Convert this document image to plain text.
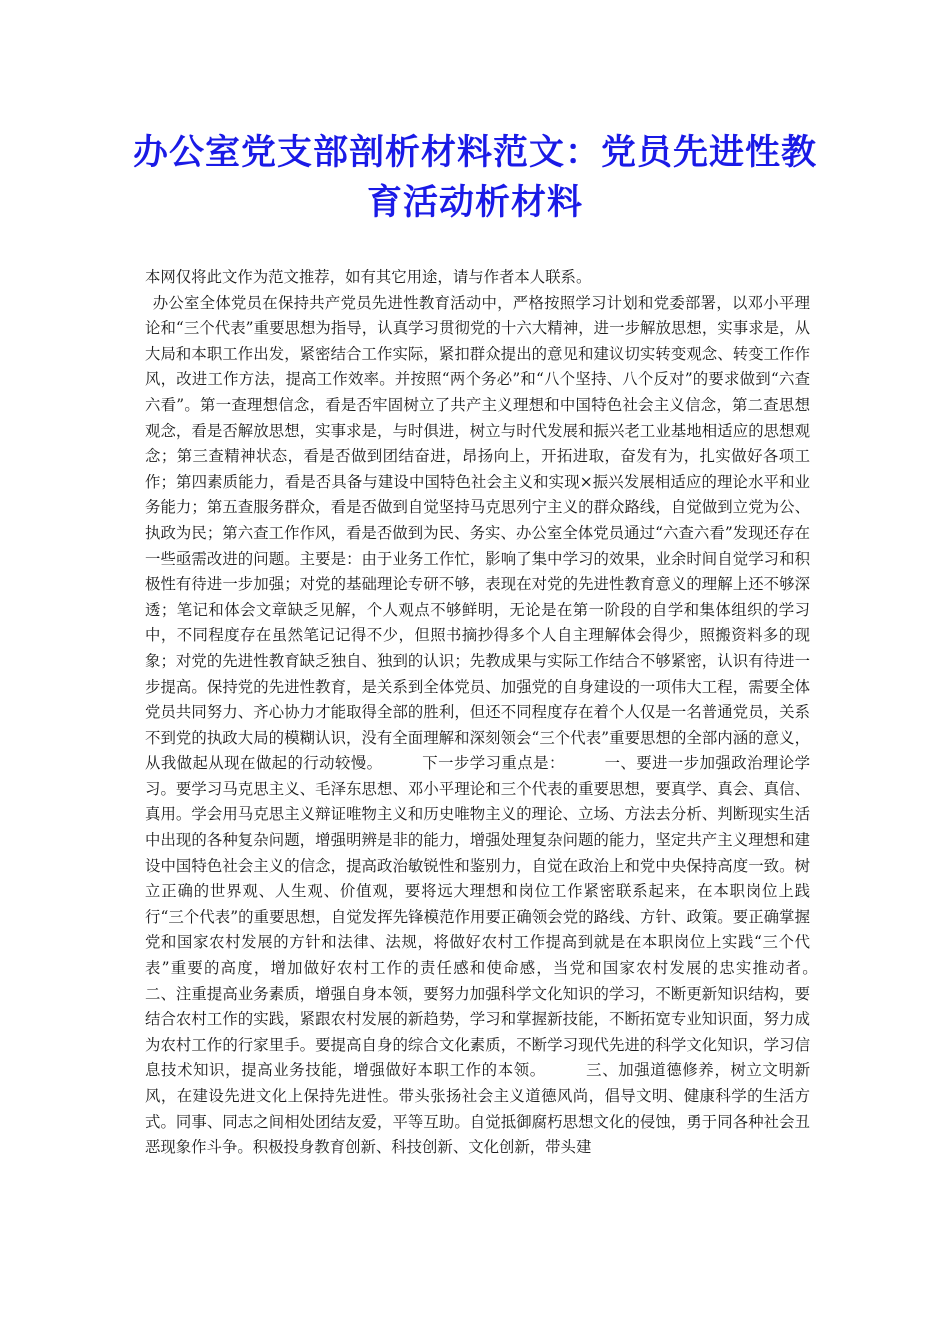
办公室党支部剖析材料范文：党员先进性教育活动析材料

本网仅将此文作为范文推荐，如有其它用途，请与作者本人联系。

办公室全体党员在保持共产党员先进性教育活动中，严格按照学习计划和党委部署，以邓小平理论和“三个代表”重要思想为指导，认真学习贯彻党的十六大精神，进一步解放思想，实事求是，从大局和本职工作出发，紧密结合工作实际，紧扣群众提出的意见和建议切实转变观念、转变工作作风，改进工作方法，提高工作效率。并按照“两个务必”和“八个坚持、八个反对”的要求做到“六查六看”。第一查理想信念，看是否牢固树立了共产主义理想和中国特色社会主义信念，第二查思想观念，看是否解放思想，实事求是，与时俱进，树立与时代发展和振兴老工业基地相适应的思想观念；第三查精神状态，看是否做到团结奋进，昂扬向上，开拓进取，奋发有为，扎实做好各项工作；第四素质能力，看是否具备与建设中国特色社会主义和实现×振兴发展相适应的理论水平和业务能力；第五查服务群众，看是否做到自觉坚持马克思列宁主义的群众路线，自觉做到立党为公、执政为民；第六查工作作风，看是否做到为民、务实、办公室全体党员通过“六查六看”发现还存在一些亟需改进的问题。主要是：由于业务工作忙，影响了集中学习的效果，业余时间自觉学习和积极性有待进一步加强；对党的基础理论专研不够，表现在对党的先进性教育意义的理解上还不够深透；笔记和体会文章缺乏见解，个人观点不够鲜明，无论是在第一阶段的自学和集体组织的学习中，不同程度存在虽然笔记记得不少，但照书摘抄得多个人自主理解体会得少，照搬资料多的现象；对党的先进性教育缺乏独自、独到的认识；先教成果与实际工作结合不够紧密，认识有待进一步提高。保持党的先进性教育，是关系到全体党员、加强党的自身建设的一项伟大工程，需要全体党员共同努力、齐心协力才能取得全部的胜利，但还不同程度存在着个人仅是一名普通党员，关系不到党的执政大局的模糊认识，没有全面理解和深刻领会“三个代表”重要思想的全部内涵的意义，从我做起从现在做起的行动较慢。　　　下一步学习重点是：　　　一、要进一步加强政治理论学习。要学习马克思主义、毛泽东思想、邓小平理论和三个代表的重要思想，要真学、真会、真信、真用。学会用马克思主义辩证唯物主义和历史唯物主义的理论、立场、方法去分析、判断现实生活中出现的各种复杂问题，增强明辨是非的能力，增强处理复杂问题的能力，坚定共产主义理想和建设中国特色社会主义的信念，提高政治敏锐性和鉴别力，自觉在政治上和党中央保持高度一致。树立正确的世界观、人生观、价值观，要将远大理想和岗位工作紧密联系起来，在本职岗位上践行“三个代表”的重要思想，自觉发挥先锋模范作用要正确领会党的路线、方针、政策。要正确掌握党和国家农村发展的方针和法律、法规，将做好农村工作提高到就是在本职岗位上实践“三个代表”重要的高度，增加做好农村工作的责任感和使命感，当党和国家农村发展的忠实推动者。　　　二、注重提高业务素质，增强自身本领，要努力加强科学文化知识的学习，不断更新知识结构，要结合农村工作的实践，紧跟农村发展的新趋势，学习和掌握新技能，不断拓宽专业知识面，努力成为农村工作的行家里手。要提高自身的综合文化素质，不断学习现代先进的科学文化知识，学习信息技术知识，提高业务技能，增强做好本职工作的本领。　　　三、加强道德修养，树立文明新风，在建设先进文化上保持先进性。带头张扬社会主义道德风尚，倡导文明、健康科学的生活方式。同事、同志之间相处团结友爱，平等互助。自觉抵御腐朽思想文化的侵蚀，勇于同各种社会丑恶现象作斗争。积极投身教育创新、科技创新、文化创新，带头建
